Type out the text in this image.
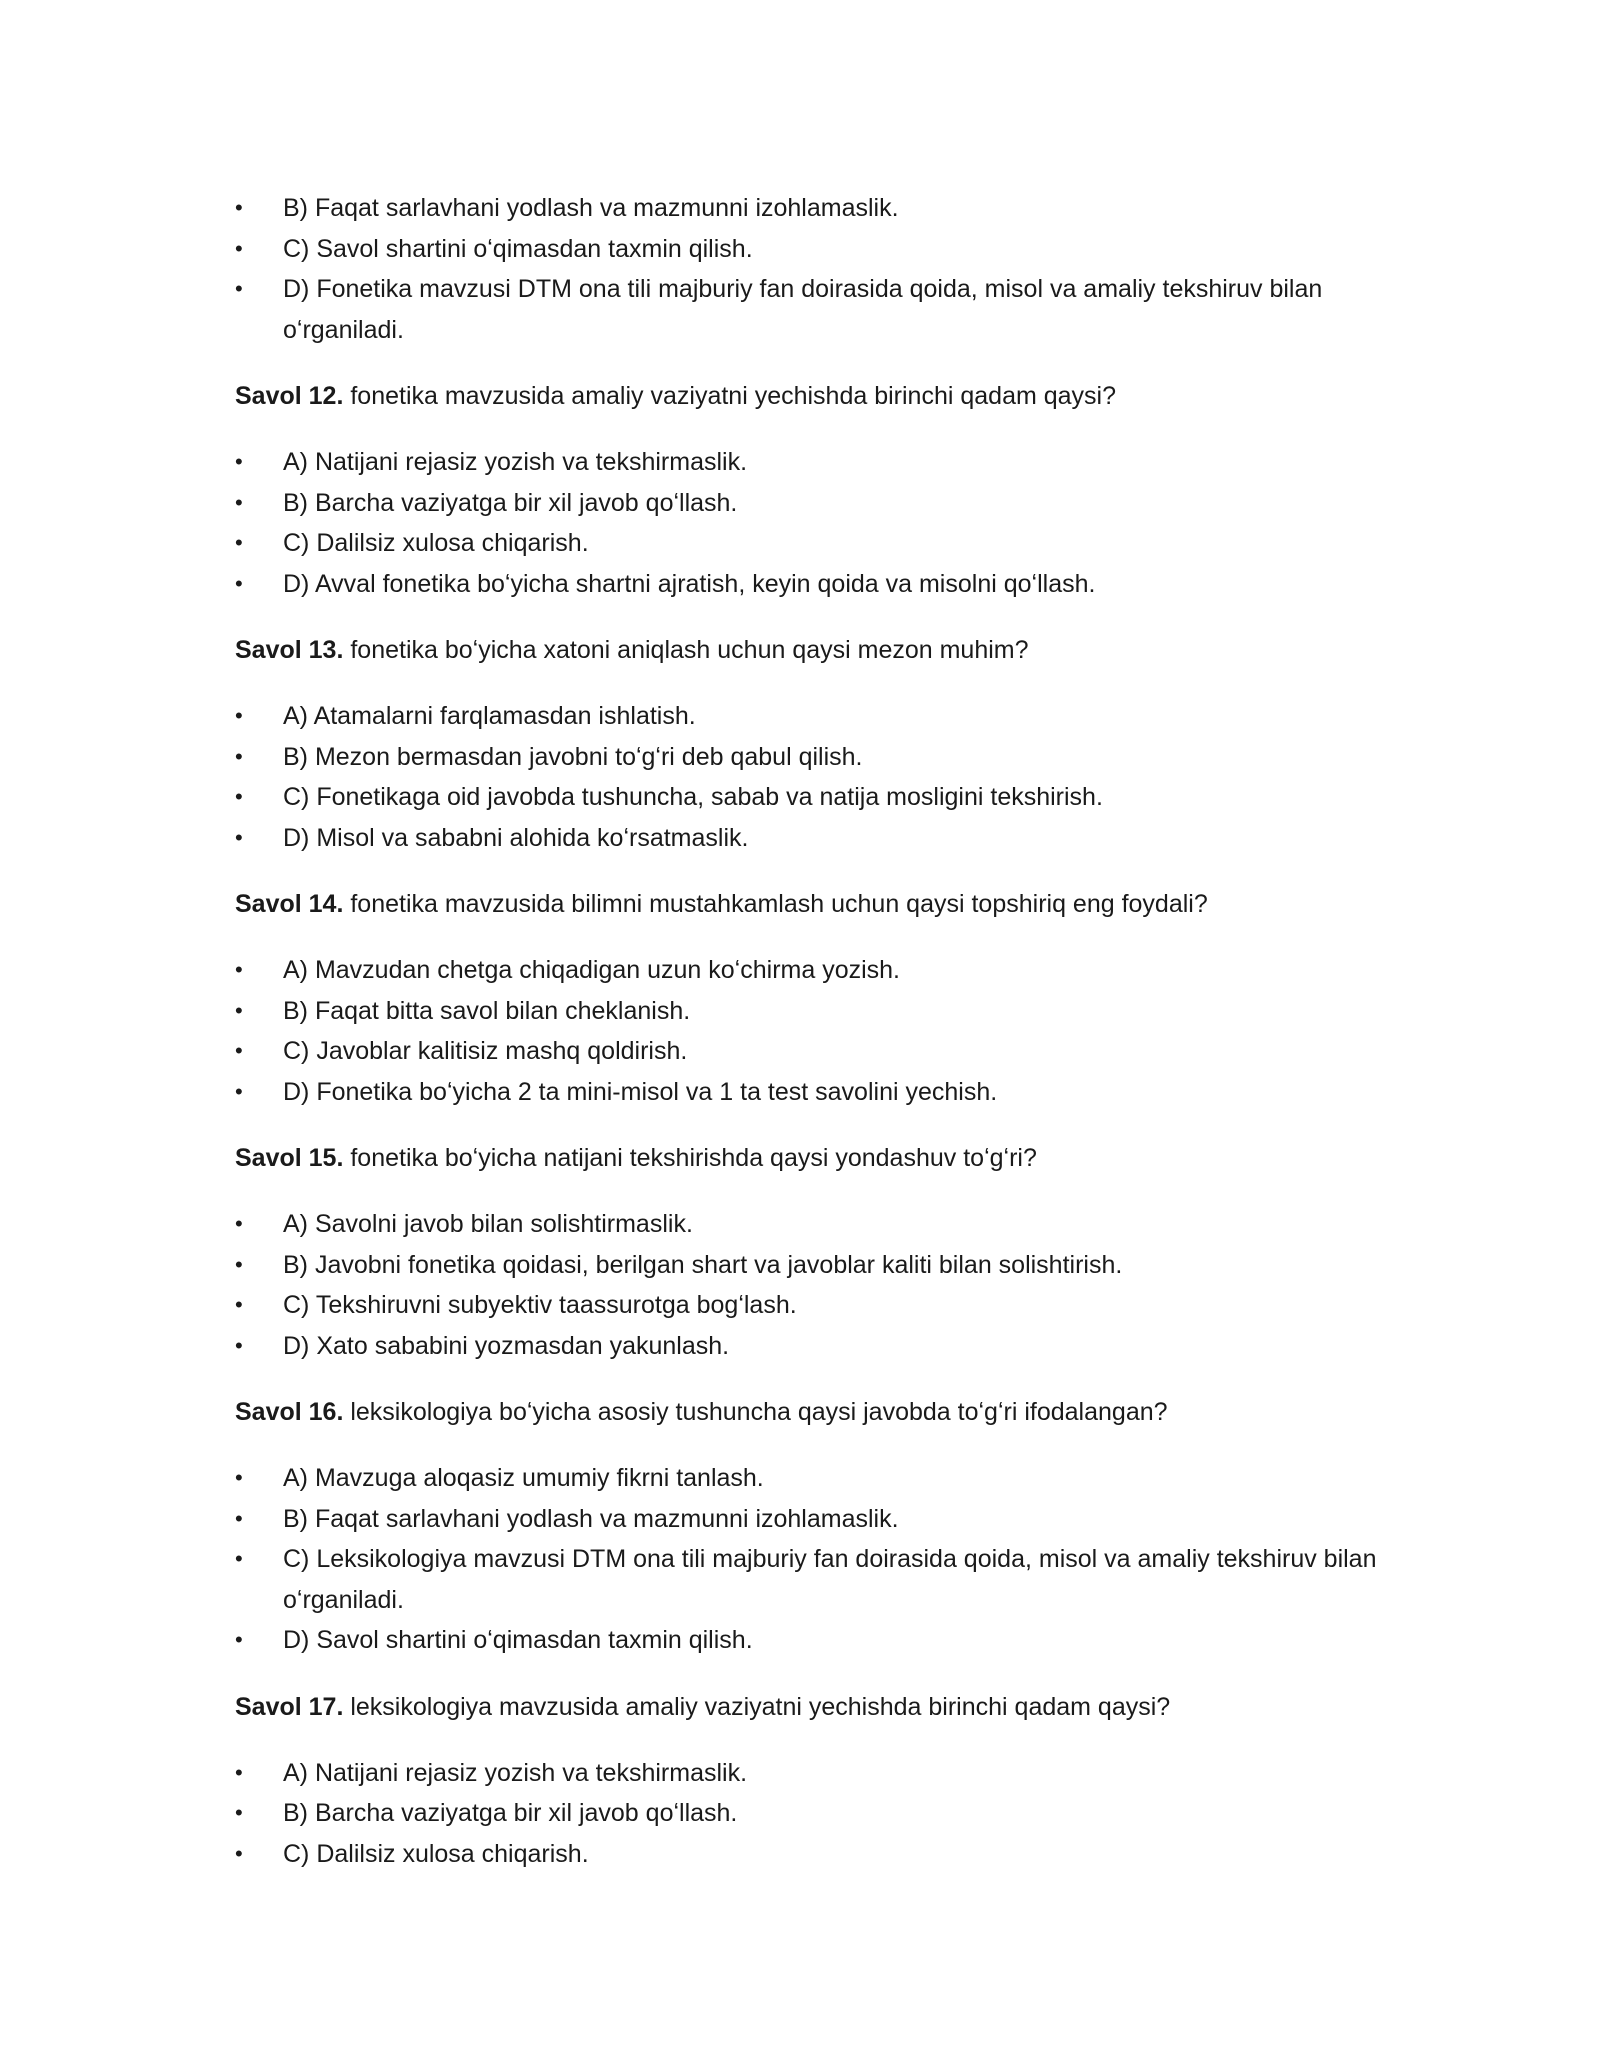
•	B) Faqat sarlavhani yodlash va mazmunni izohlamaslik.
•	C) Savol shartini oʻqimasdan taxmin qilish.
•	D) Fonetika mavzusi DTM ona tili majburiy fan doirasida qoida, misol va amaliy tekshiruv bilan oʻrganiladi.

Savol 12. fonetika mavzusida amaliy vaziyatni yechishda birinchi qadam qaysi?

•	A) Natijani rejasiz yozish va tekshirmaslik.
•	B) Barcha vaziyatga bir xil javob qoʻllash.
•	C) Dalilsiz xulosa chiqarish.
•	D) Avval fonetika boʻyicha shartni ajratish, keyin qoida va misolni qoʻllash.

Savol 13. fonetika boʻyicha xatoni aniqlash uchun qaysi mezon muhim?

•	A) Atamalarni farqlamasdan ishlatish.
•	B) Mezon bermasdan javobni toʻgʻri deb qabul qilish.
•	C) Fonetikaga oid javobda tushuncha, sabab va natija mosligini tekshirish.
•	D) Misol va sababni alohida koʻrsatmaslik.

Savol 14. fonetika mavzusida bilimni mustahkamlash uchun qaysi topshiriq eng foydali?

•	A) Mavzudan chetga chiqadigan uzun koʻchirma yozish.
•	B) Faqat bitta savol bilan cheklanish.
•	C) Javoblar kalitisiz mashq qoldirish.
•	D) Fonetika boʻyicha 2 ta mini-misol va 1 ta test savolini yechish.

Savol 15. fonetika boʻyicha natijani tekshirishda qaysi yondashuv toʻgʻri?

•	A) Savolni javob bilan solishtirmaslik.
•	B) Javobni fonetika qoidasi, berilgan shart va javoblar kaliti bilan solishtirish.
•	C) Tekshiruvni subyektiv taassurotga bogʻlash.
•	D) Xato sababini yozmasdan yakunlash.

Savol 16. leksikologiya boʻyicha asosiy tushuncha qaysi javobda toʻgʻri ifodalangan?

•	A) Mavzuga aloqasiz umumiy fikrni tanlash.
•	B) Faqat sarlavhani yodlash va mazmunni izohlamaslik.
•	C) Leksikologiya mavzusi DTM ona tili majburiy fan doirasida qoida, misol va amaliy tekshiruv bilan oʻrganiladi.
•	D) Savol shartini oʻqimasdan taxmin qilish.

Savol 17. leksikologiya mavzusida amaliy vaziyatni yechishda birinchi qadam qaysi?

•	A) Natijani rejasiz yozish va tekshirmaslik.
•	B) Barcha vaziyatga bir xil javob qoʻllash.
•	C) Dalilsiz xulosa chiqarish.
